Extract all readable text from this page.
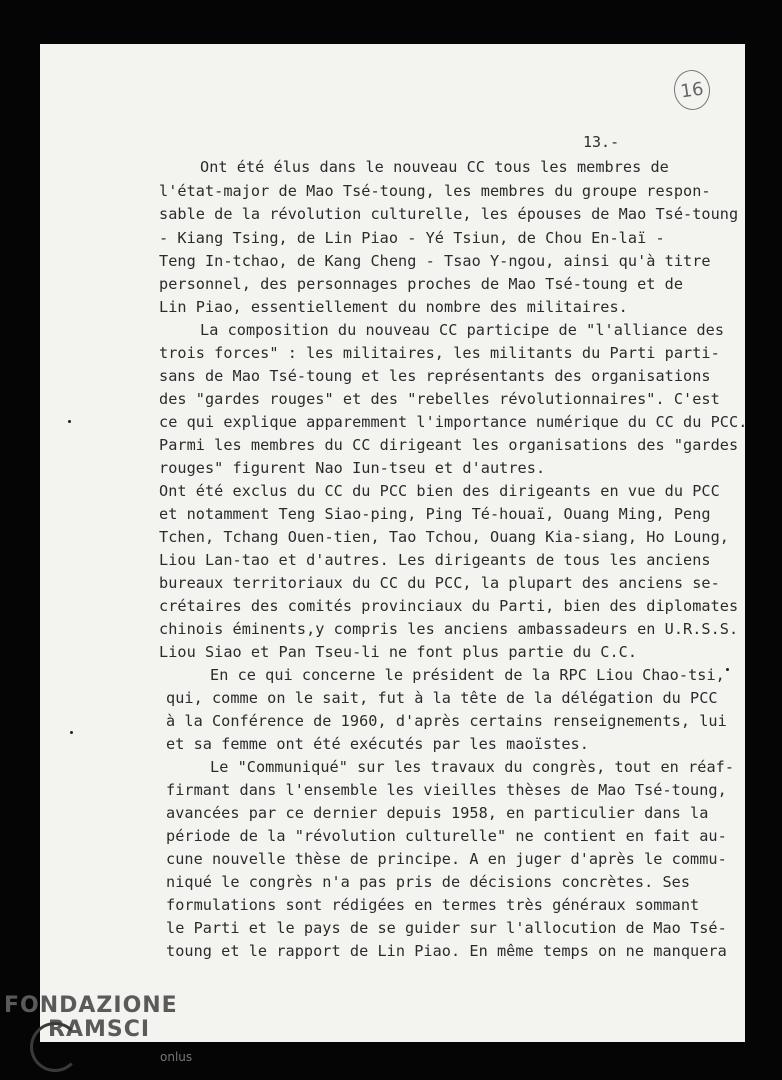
16
13.-
Ont été élus dans le nouveau CC tous les membres de
l'état-major de Mao Tsé-toung, les membres du groupe respon-
sable de la révolution culturelle, les épouses de Mao Tsé-toung
- Kiang Tsing, de Lin Piao - Yé Tsiun, de Chou En-laï -
Teng In-tchao, de Kang Cheng - Tsao Y-ngou, ainsi qu'à titre
personnel, des personnages proches de Mao Tsé-toung et de
Lin Piao, essentiellement du nombre des militaires.
La composition du nouveau CC participe de "l'alliance des
trois forces" : les militaires, les militants du Parti parti-
sans de Mao Tsé-toung et les représentants des organisations
des "gardes rouges" et des "rebelles révolutionnaires". C'est
ce qui explique apparemment l'importance numérique du CC du PCC.
Parmi les membres du CC dirigeant les organisations des "gardes
rouges" figurent Nao Iun-tseu et d'autres.
Ont été exclus du CC du PCC bien des dirigeants en vue du PCC
et notamment Teng Siao-ping, Ping Té-houaï, Ouang Ming, Peng
Tchen, Tchang Ouen-tien, Tao Tchou, Ouang Kia-siang, Ho Loung,
Liou Lan-tao et d'autres. Les dirigeants de tous les anciens
bureaux territoriaux du CC du PCC, la plupart des anciens se-
crétaires des comités provinciaux du Parti, bien des diplomates
chinois éminents,y compris les anciens ambassadeurs en U.R.S.S.
Liou Siao et Pan Tseu-li ne font plus partie du C.C.
En ce qui concerne le président de la RPC Liou Chao-tsi,
qui, comme on le sait, fut à la tête de la délégation du PCC
à la Conférence de 1960, d'après certains renseignements, lui
et sa femme ont été exécutés par les maoïstes.
Le "Communiqué" sur les travaux du congrès, tout en réaf-
firmant dans l'ensemble les vieilles thèses de Mao Tsé-toung,
avancées par ce dernier depuis 1958, en particulier dans la
période de la "révolution culturelle" ne contient en fait au-
cune nouvelle thèse de principe. A en juger d'après le commu-
niqué le congrès n'a pas pris de décisions concrètes. Ses
formulations sont rédigées en termes très généraux sommant
le Parti et le pays de se guider sur l'allocution de Mao Tsé-
toung et le rapport de Lin Piao. En même temps on ne manquera
FONDAZIONE
RAMSCI
onlus
